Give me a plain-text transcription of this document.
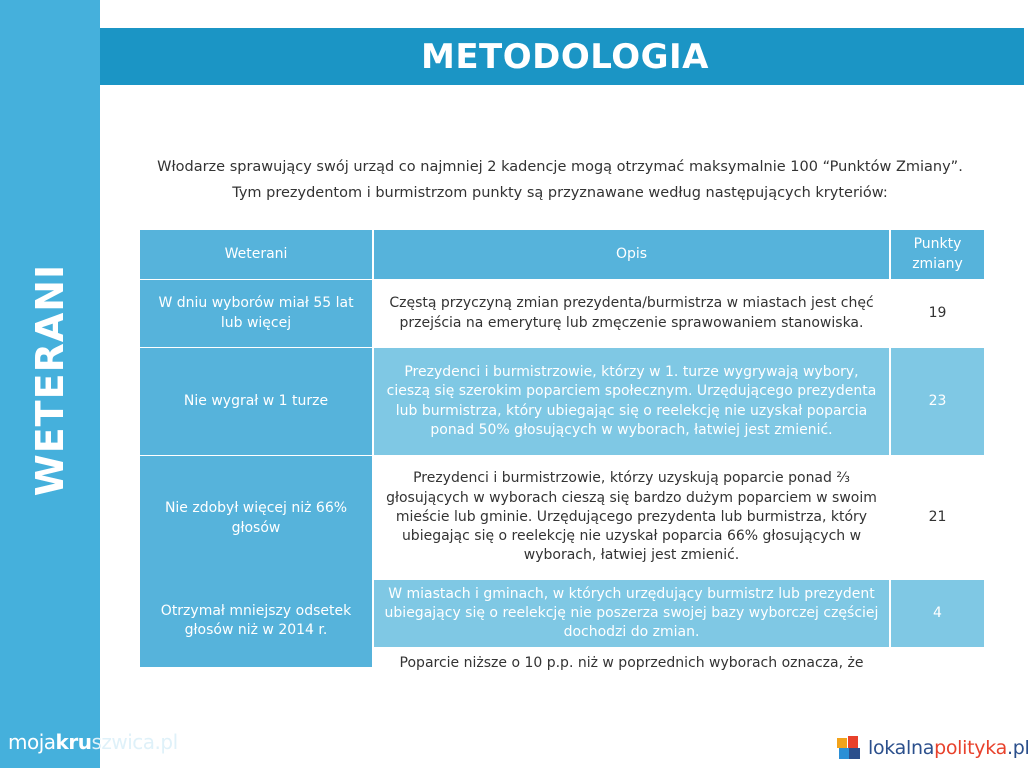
WETERANI
METODOLOGIA
Włodarze sprawujący swój urząd co najmniej 2 kadencje mogą otrzymać maksymalnie 100 “Punktów Zmiany”.
Tym prezydentom i burmistrzom punkty są przyznawane według następujących kryteriów:
Weterani	Opis
Punkty zmiany
W dniu wyborów miał 55 lat lub więcej
Nie wygrał w 1 turze
Nie zdobył więcej niż 66% głosów
Otrzymał mniejszy odsetek głosów niż w 2014 r.
Częstą przyczyną zmian prezydenta/burmistrza w miastach jest chęć przejścia na emeryturę lub zmęczenie sprawowaniem stanowiska.
Prezydenci i burmistrzowie, którzy w 1. turze wygrywają wybory, cieszą się szerokim poparciem społecznym. Urzędującego prezydenta lub burmistrza, który ubiegając się o reelekcję nie uzyskał poparcia ponad 50% głosujących w wyborach, łatwiej jest zmienić.
Prezydenci i burmistrzowie, którzy uzyskują poparcie ponad ⅔ głosujących w wyborach cieszą się bardzo dużym poparciem w swoim mieście lub gminie. Urzędującego prezydenta lub burmistrza, który ubiegając się o reelekcję nie uzyskał poparcia 66% głosujących w wyborach, łatwiej jest zmienić.
W miastach i gminach, w których urzędujący burmistrz lub prezydent ubiegający się o reelekcję nie poszerza swojej bazy wyborczej częściej dochodzi do zmian.
Poparcie niższe o 10 p.p. niż w poprzednich wyborach oznacza, że
19
23
21
4
mojakruszwica.pl	lokalnapolityka.pl
